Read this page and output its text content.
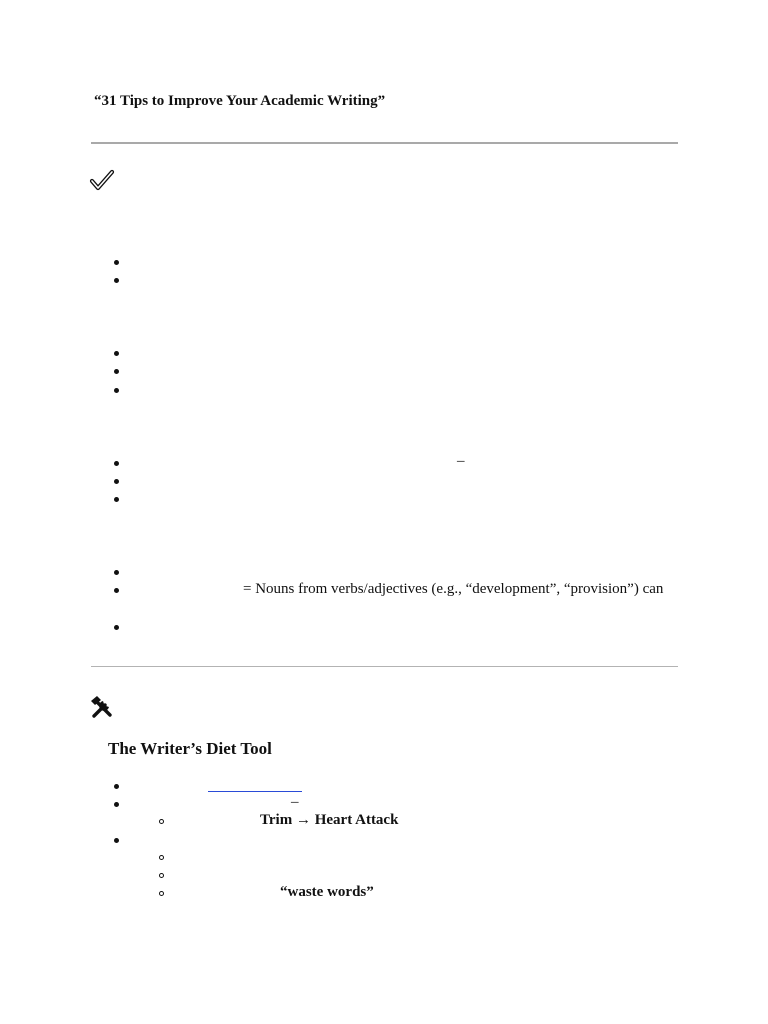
“31 Tips to Improve Your Academic Writing”
–
= Nouns from verbs/adjectives (e.g., “development”, “provision”) can
The Writer’s Diet Tool
–
Trim → Heart Attack
“waste words”
